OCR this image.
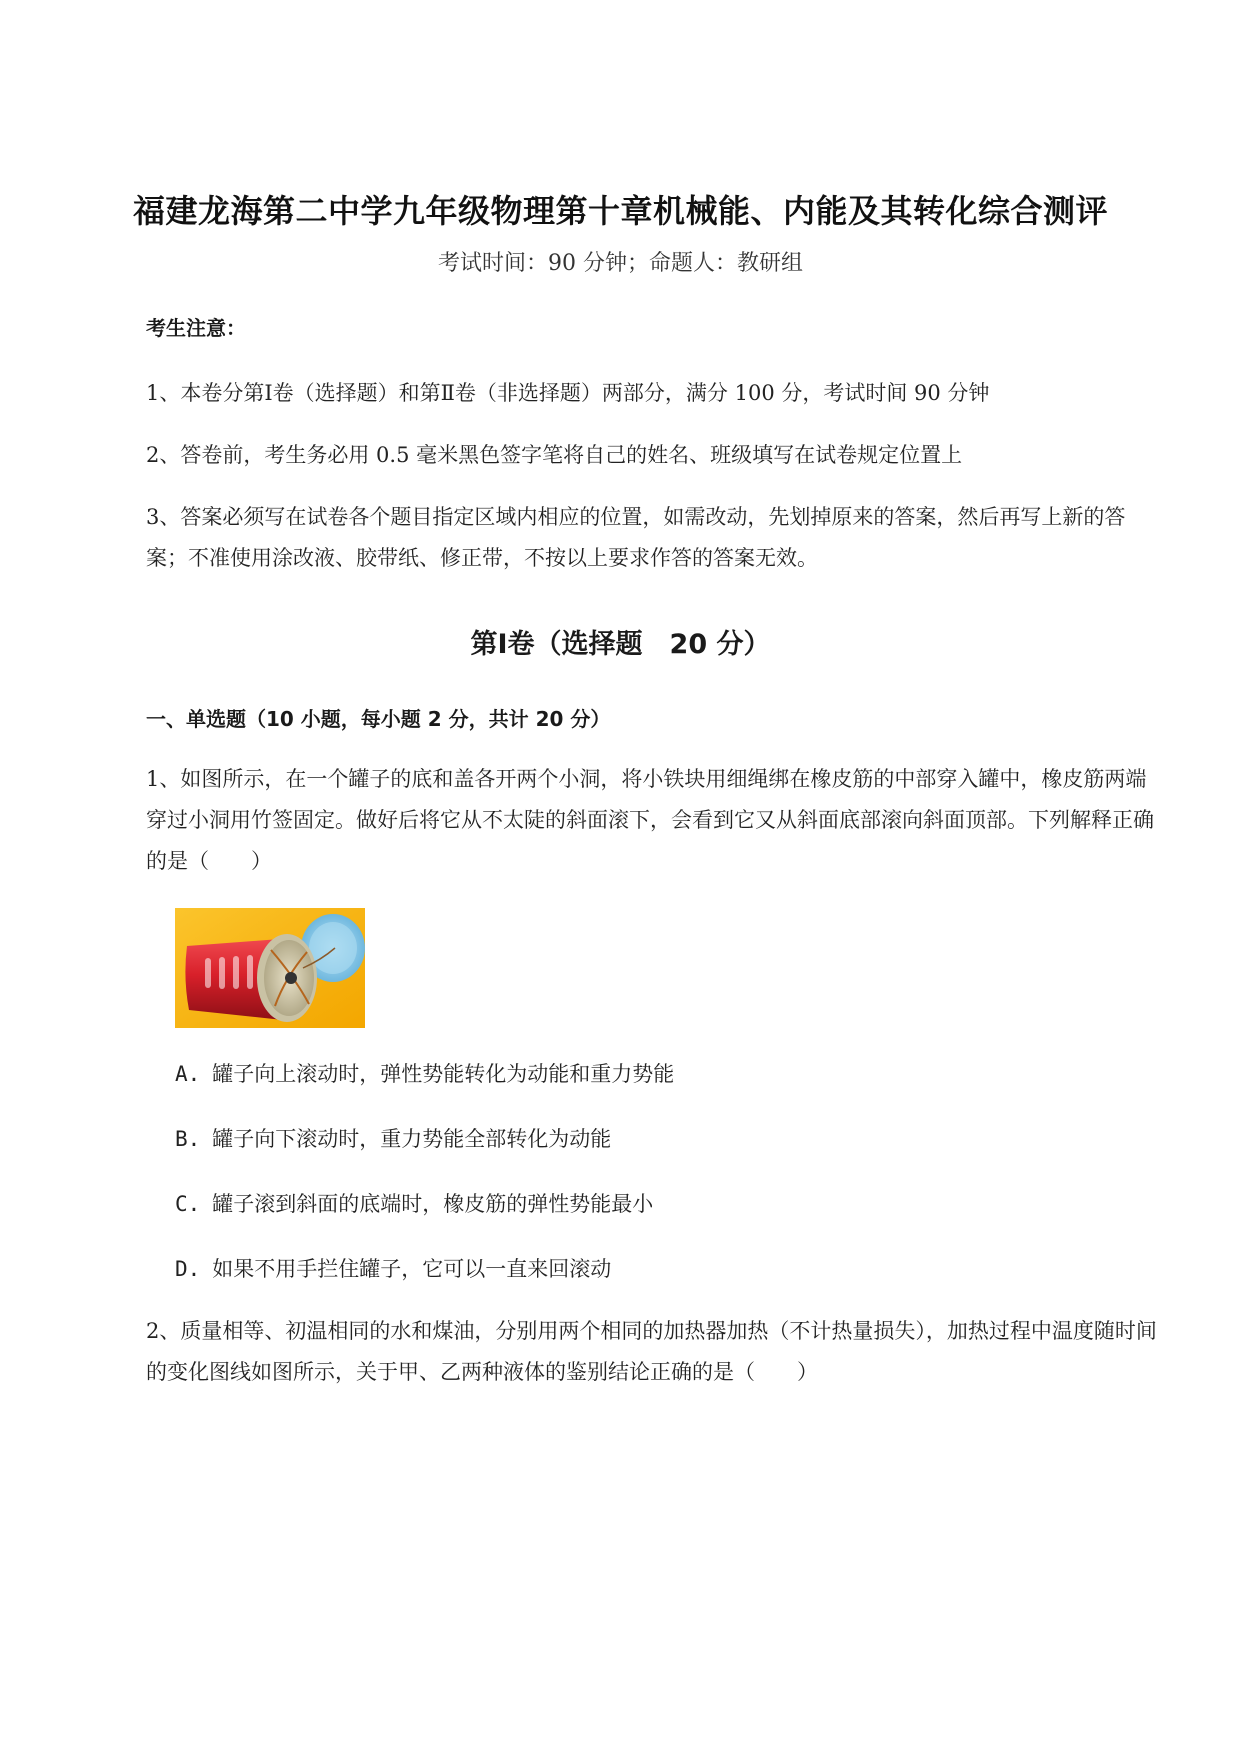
福建龙海第二中学九年级物理第十章机械能、内能及其转化综合测评
考试时间：90 分钟；命题人：教研组
考生注意：
1、本卷分第Ⅰ卷（选择题）和第Ⅱ卷（非选择题）两部分，满分 100 分，考试时间 90 分钟
2、答卷前，考生务必用 0.5 毫米黑色签字笔将自己的姓名、班级填写在试卷规定位置上
3、答案必须写在试卷各个题目指定区域内相应的位置，如需改动，先划掉原来的答案，然后再写上新的答案；不准使用涂改液、胶带纸、修正带，不按以上要求作答的答案无效。
第Ⅰ卷（选择题　20 分）
一、单选题（10 小题，每小题 2 分，共计 20 分）
1、如图所示，在一个罐子的底和盖各开两个小洞，将小铁块用细绳绑在橡皮筋的中部穿入罐中，橡皮筋两端穿过小洞用竹签固定。做好后将它从不太陡的斜面滚下，会看到它又从斜面底部滚向斜面顶部。下列解释正确的是（　　）
A. 罐子向上滚动时，弹性势能转化为动能和重力势能
B. 罐子向下滚动时，重力势能全部转化为动能
C. 罐子滚到斜面的底端时，橡皮筋的弹性势能最小
D. 如果不用手拦住罐子，它可以一直来回滚动
2、质量相等、初温相同的水和煤油，分别用两个相同的加热器加热（不计热量损失），加热过程中温度随时间的变化图线如图所示，关于甲、乙两种液体的鉴别结论正确的是（　　）
